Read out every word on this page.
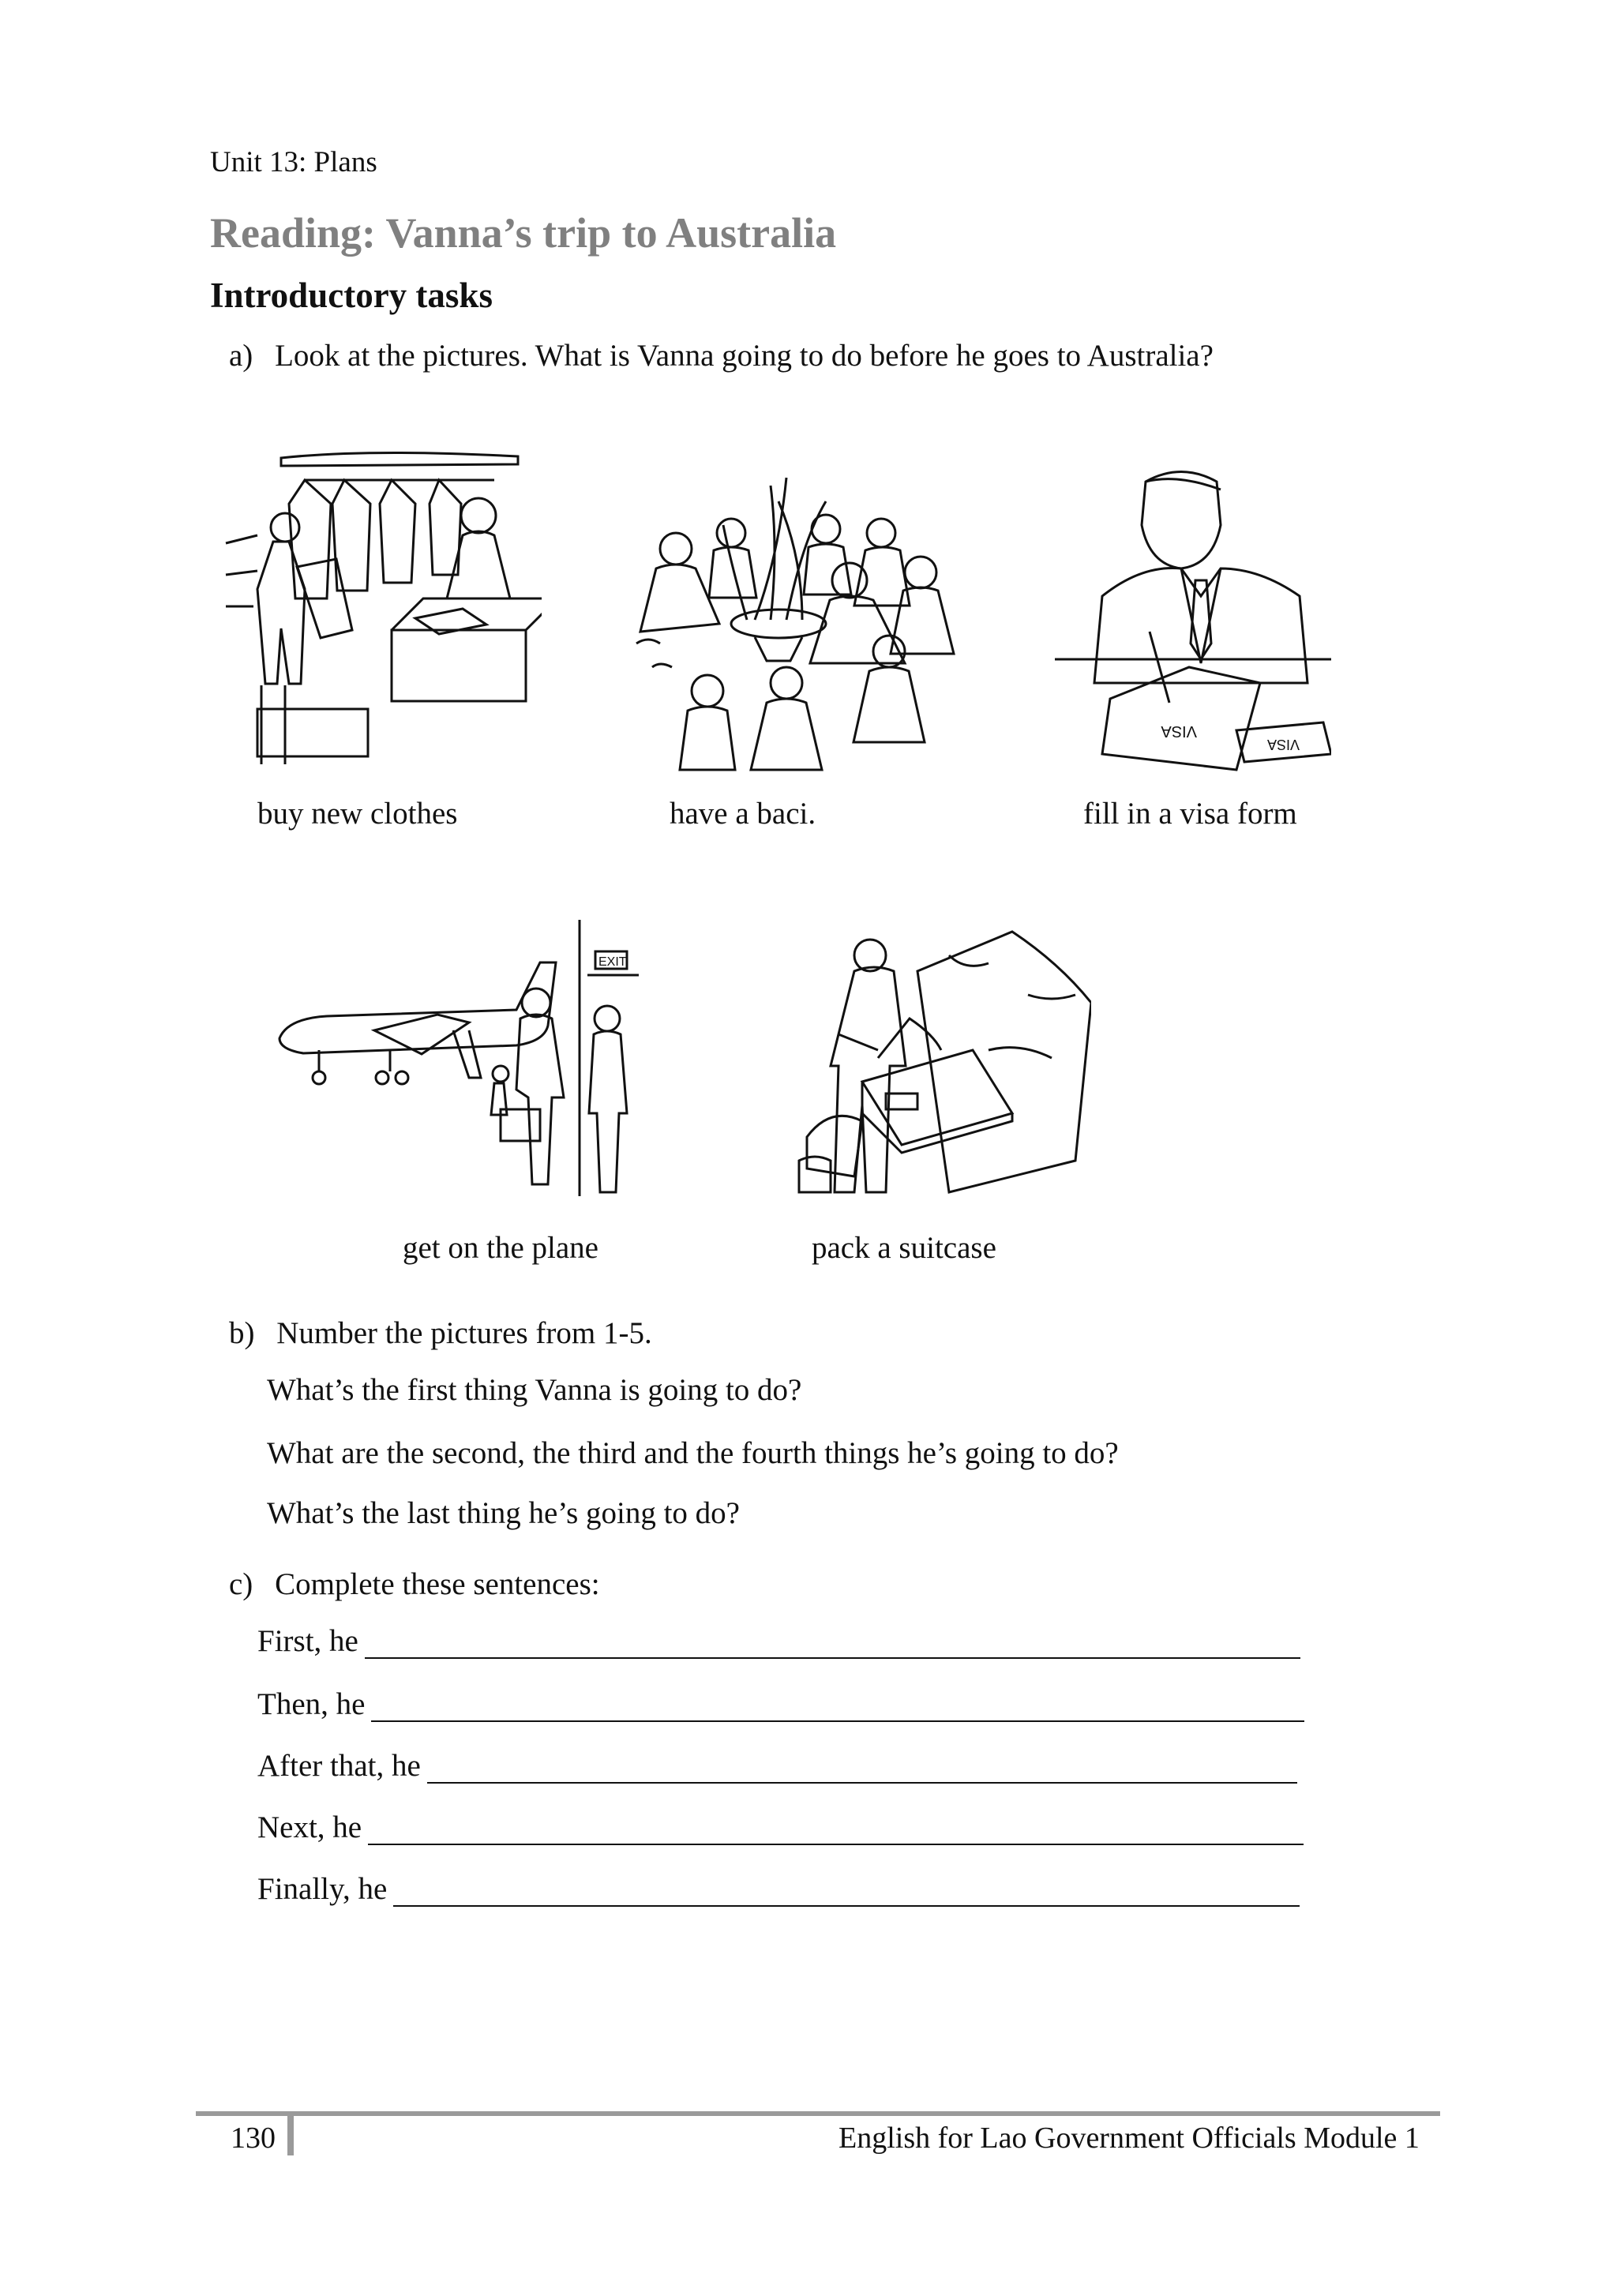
Unit 13: Plans
Reading: Vanna’s trip to Australia
Introductory tasks
a) Look at the pictures. What is Vanna going to do before he goes to Australia?
VISA
VISA
buy new clothes	have a baci.	fill in a visa form
EXIT
get on the plane	pack a suitcase
b) Number the pictures from 1-5.
What’s the first thing Vanna is going to do?
What are the second, the third and the fourth things he’s going to do?
What’s the last thing he’s going to do?
c) Complete these sentences:
First, he
Then, he
After that, he
Next, he
Finally, he
130	English for Lao Government Officials Module 1
